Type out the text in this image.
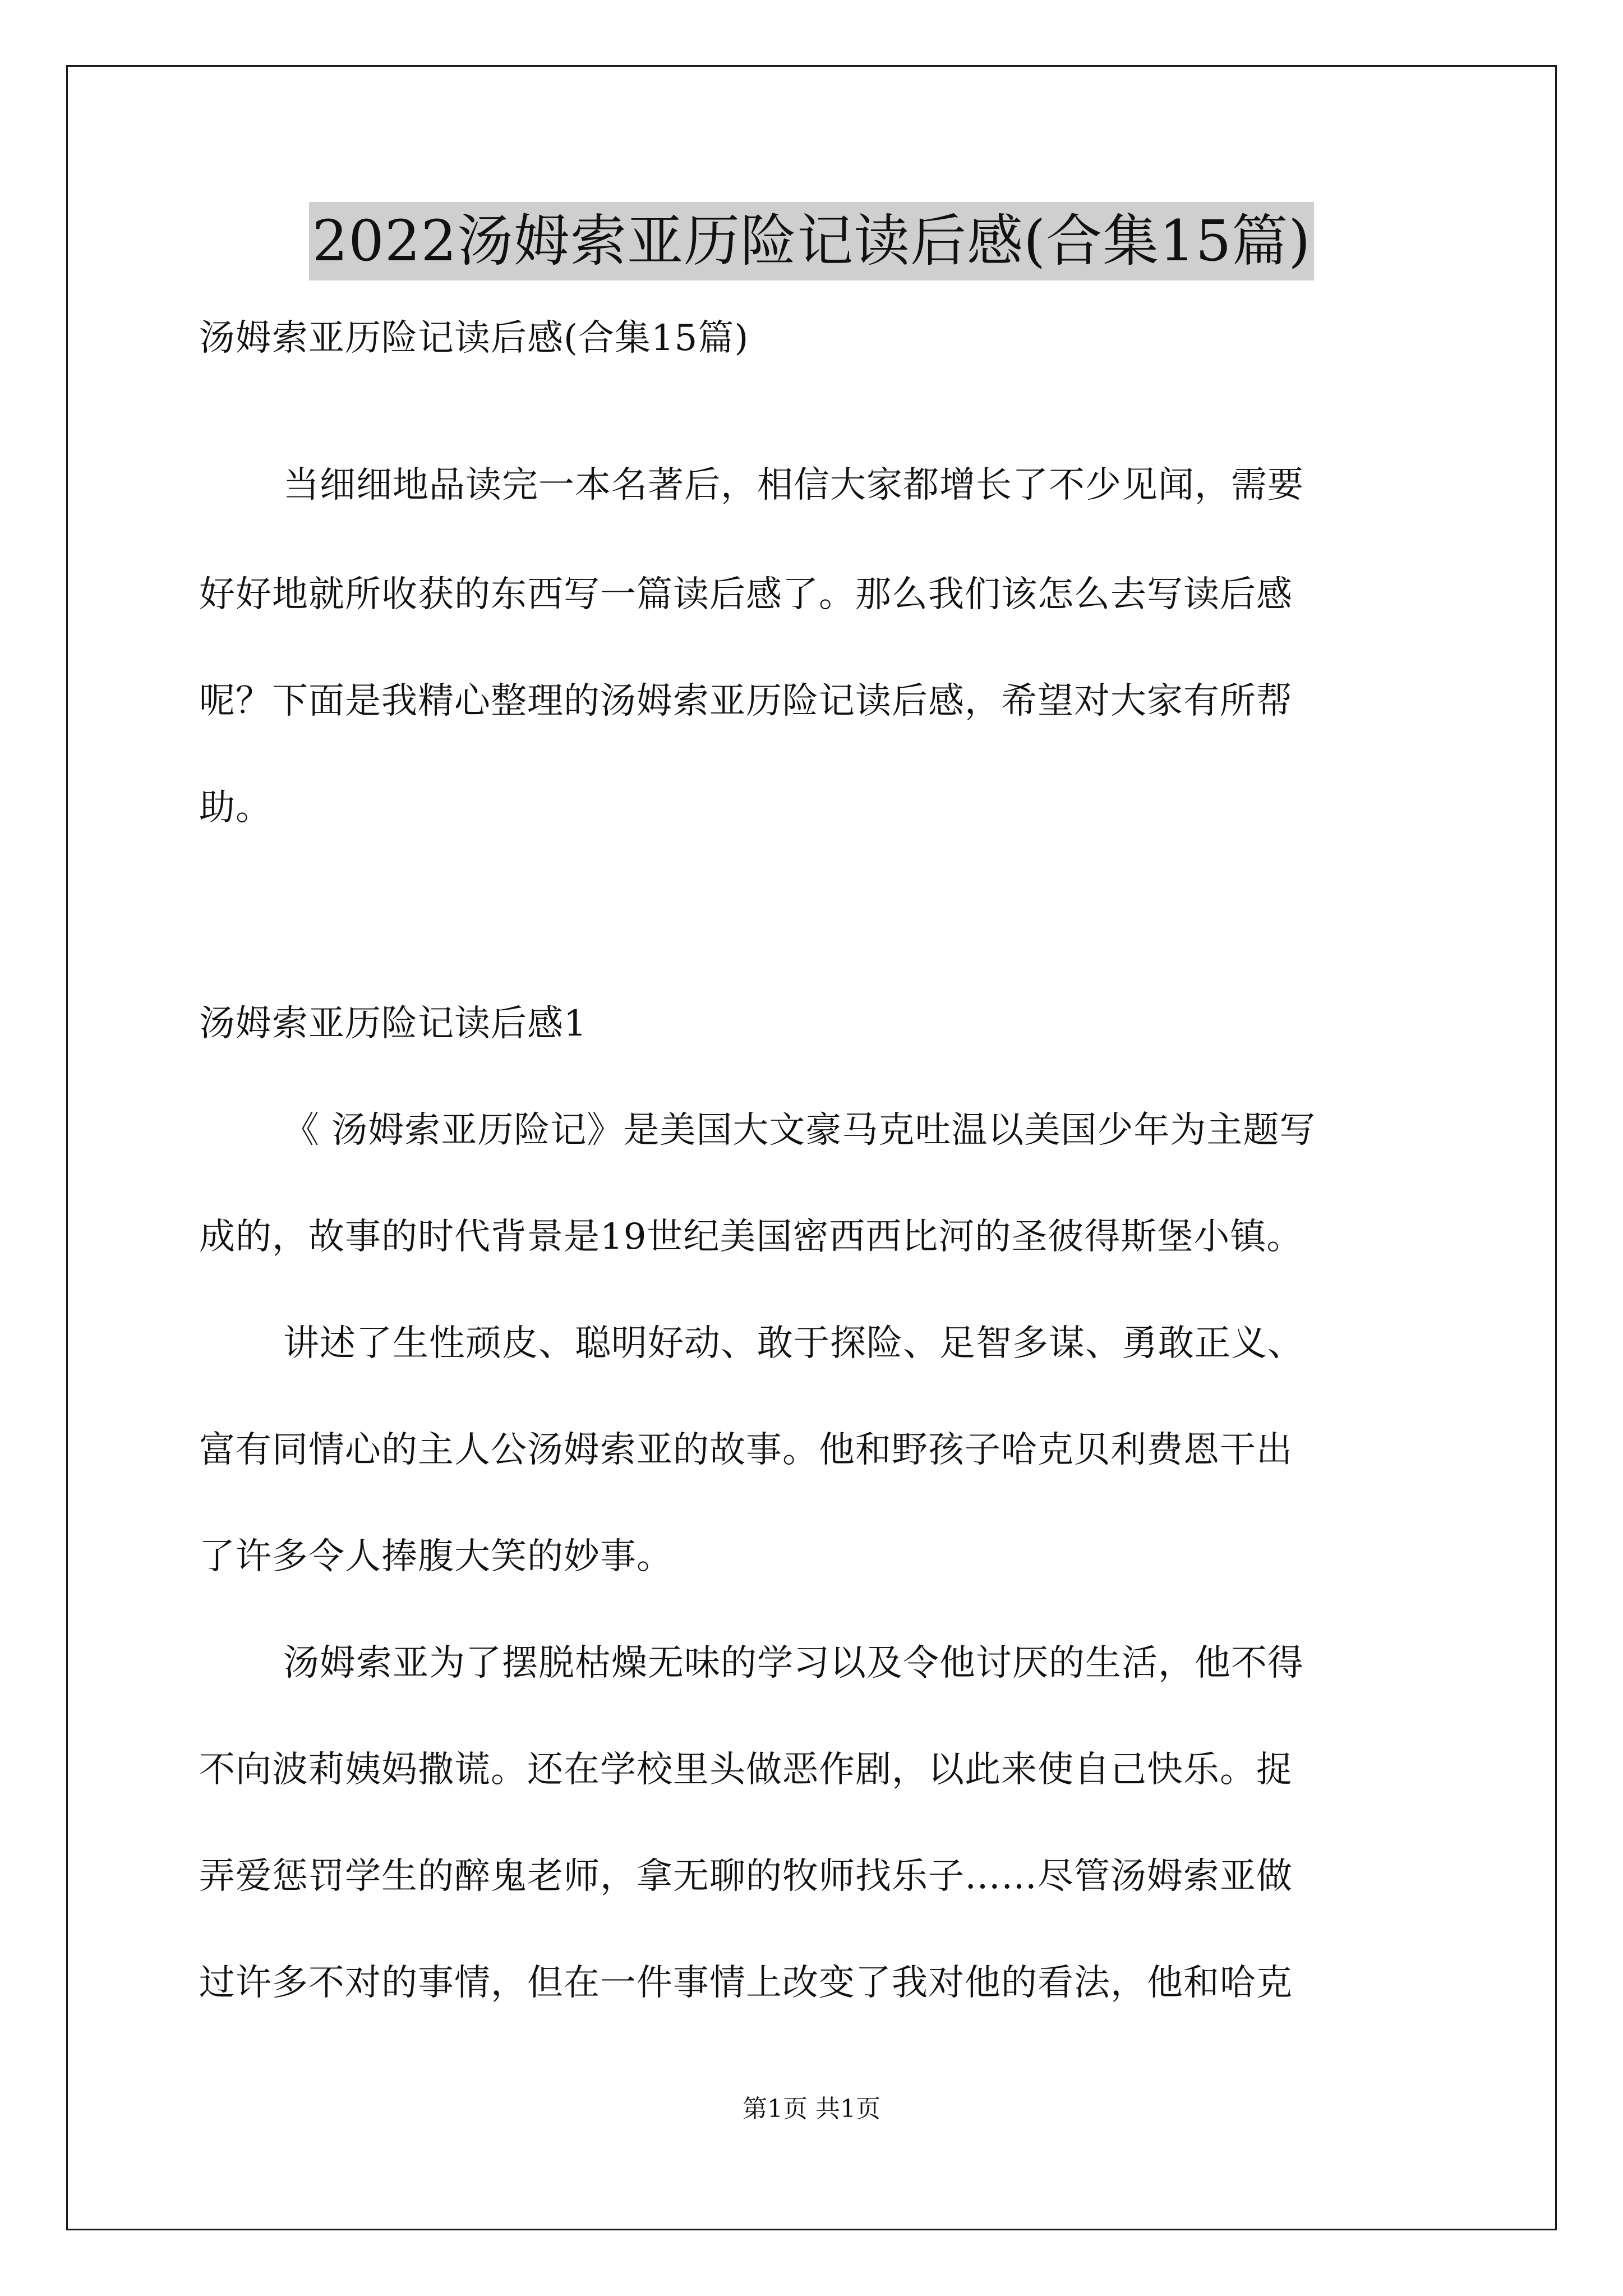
2022汤姆索亚历险记读后感(合集15篇)
汤姆索亚历险记读后感(合集15篇)
当细细地品读完一本名著后，相信大家都增长了不少见闻，需要
好好地就所收获的东西写一篇读后感了。那么我们该怎么去写读后感
呢？下面是我精心整理的汤姆索亚历险记读后感，希望对大家有所帮
助。
汤姆索亚历险记读后感1
《 汤姆索亚历险记》是美国大文豪马克吐温以美国少年为主题写
成的，故事的时代背景是19世纪美国密西西比河的圣彼得斯堡小镇。
讲述了生性顽皮、聪明好动、敢于探险、足智多谋、勇敢正义、
富有同情心的主人公汤姆索亚的故事。他和野孩子哈克贝利费恩干出
了许多令人捧腹大笑的妙事。
汤姆索亚为了摆脱枯燥无味的学习以及令他讨厌的生活，他不得
不向波莉姨妈撒谎。还在学校里头做恶作剧，以此来使自己快乐。捉
弄爱惩罚学生的醉鬼老师，拿无聊的牧师找乐子……尽管汤姆索亚做
过许多不对的事情，但在一件事情上改变了我对他的看法，他和哈克
第1页 共1页
